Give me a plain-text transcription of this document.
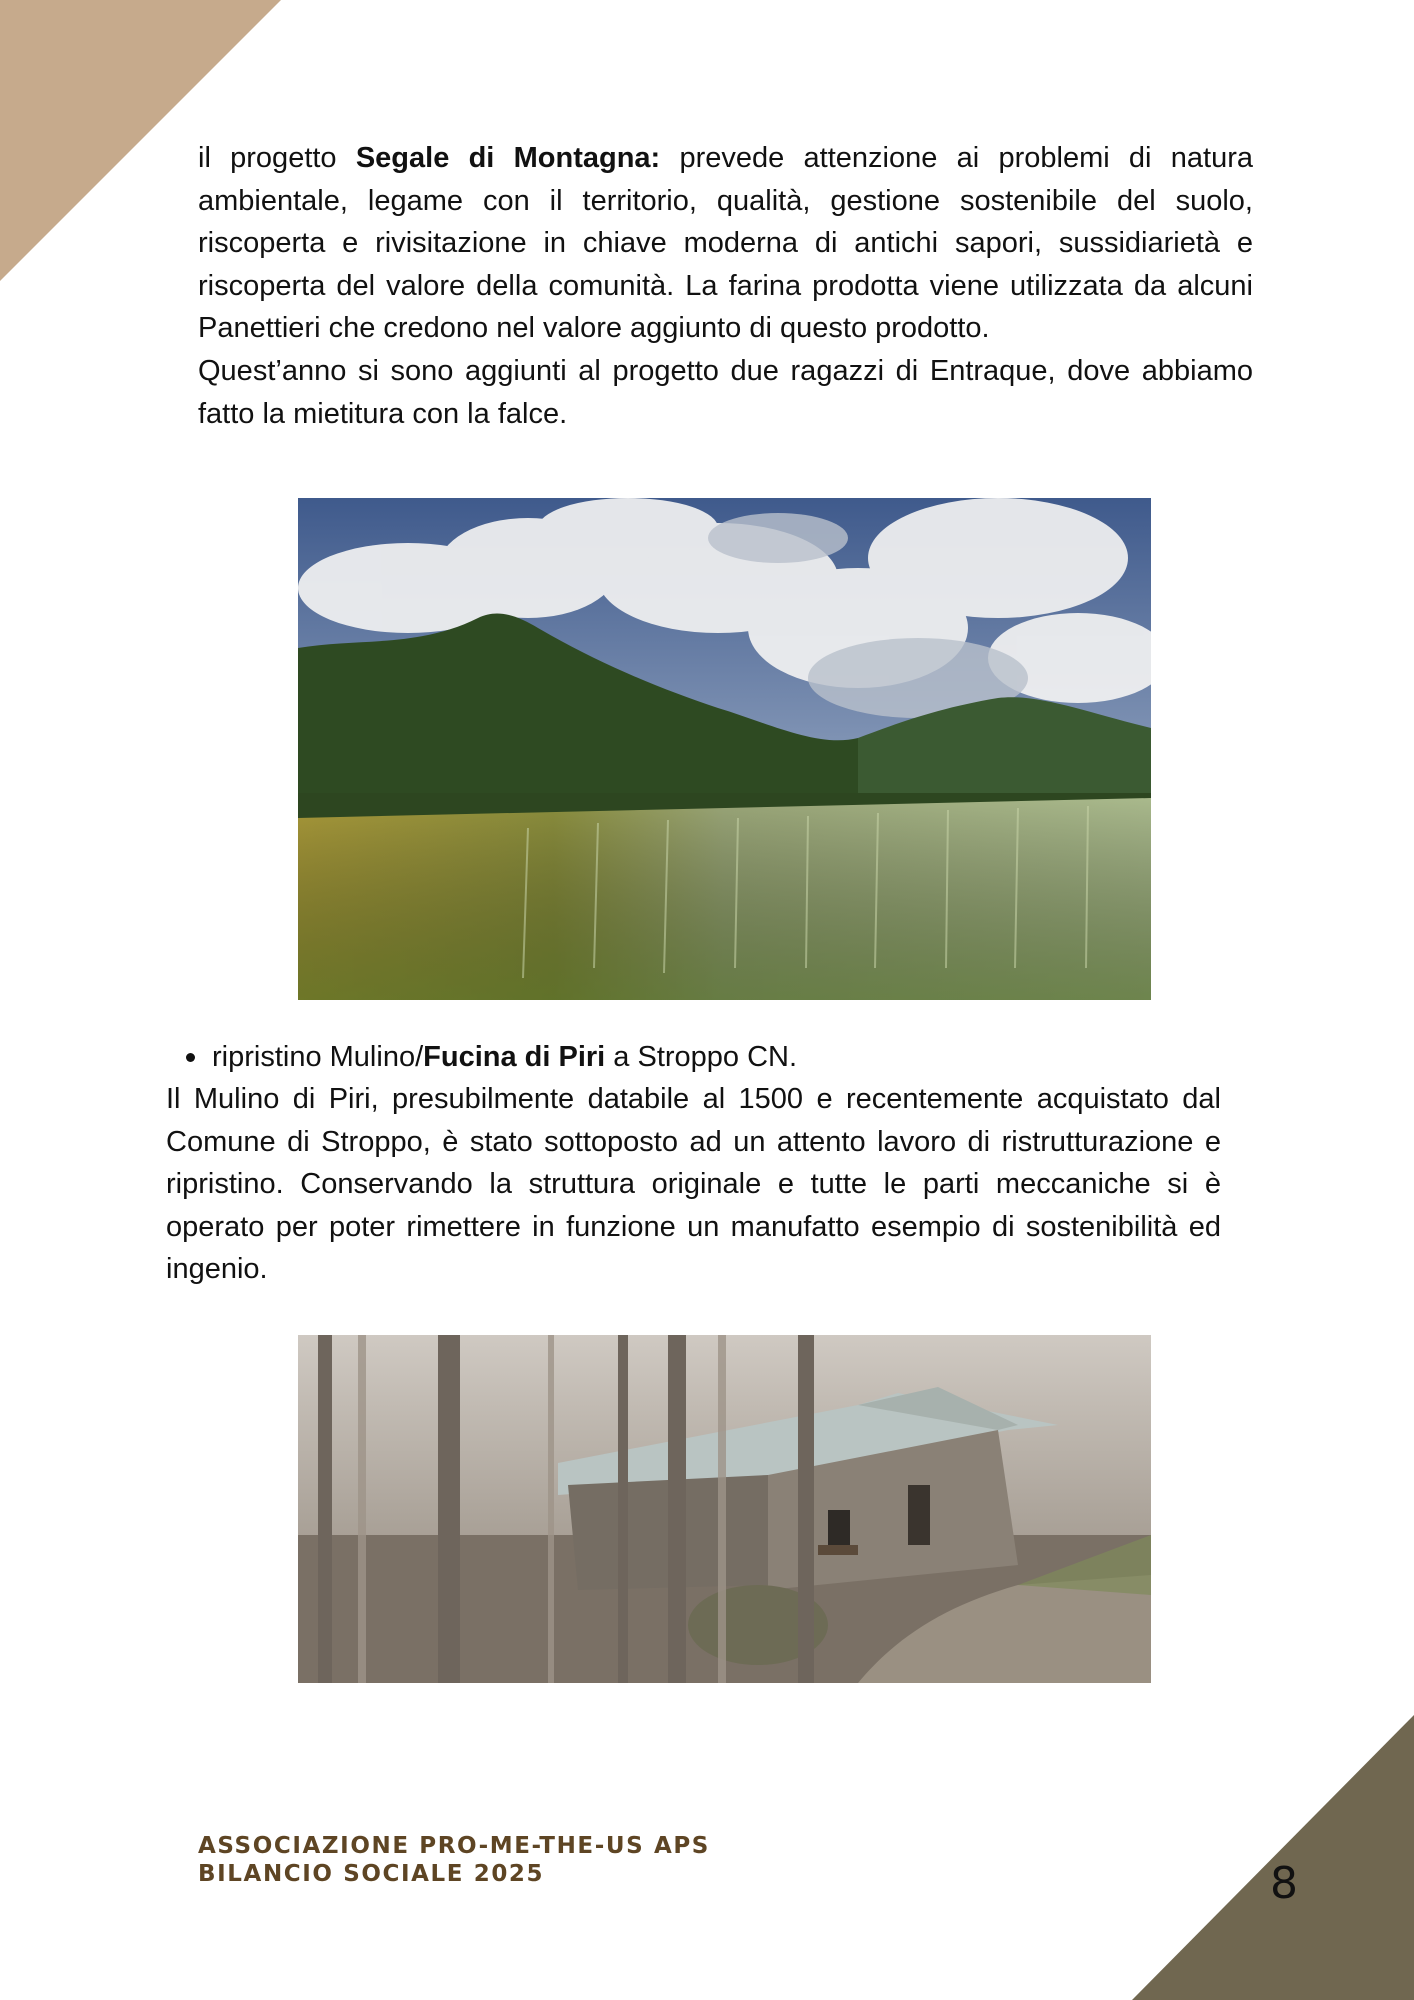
il progetto Segale di Montagna: prevede attenzione ai problemi di natura ambientale, legame con il territorio, qualità, gestione sostenibile del suolo, riscoperta e rivisitazione in chiave moderna di antichi sapori, sussidiarietà e riscoperta del valore della comunità. La farina prodotta viene utilizzata da alcuni Panettieri che credono nel valore aggiunto di questo prodotto.

Quest’anno si sono aggiunti al progetto due ragazzi di Entraque, dove abbiamo fatto la mietitura con la falce.

ripristino Mulino/Fucina di Piri a Stroppo CN.

Il Mulino di Piri, presubilmente databile al 1500 e recentemente acquistato dal Comune di Stroppo, è stato sottoposto ad un attento lavoro di ristrutturazione e ripristino. Conservando la struttura originale e tutte le parti meccaniche si è operato per poter rimettere in funzione un manufatto esempio di sostenibilità ed ingenio.

ASSOCIAZIONE PRO-ME-THE-US APS
BILANCIO SOCIALE 2025	8
